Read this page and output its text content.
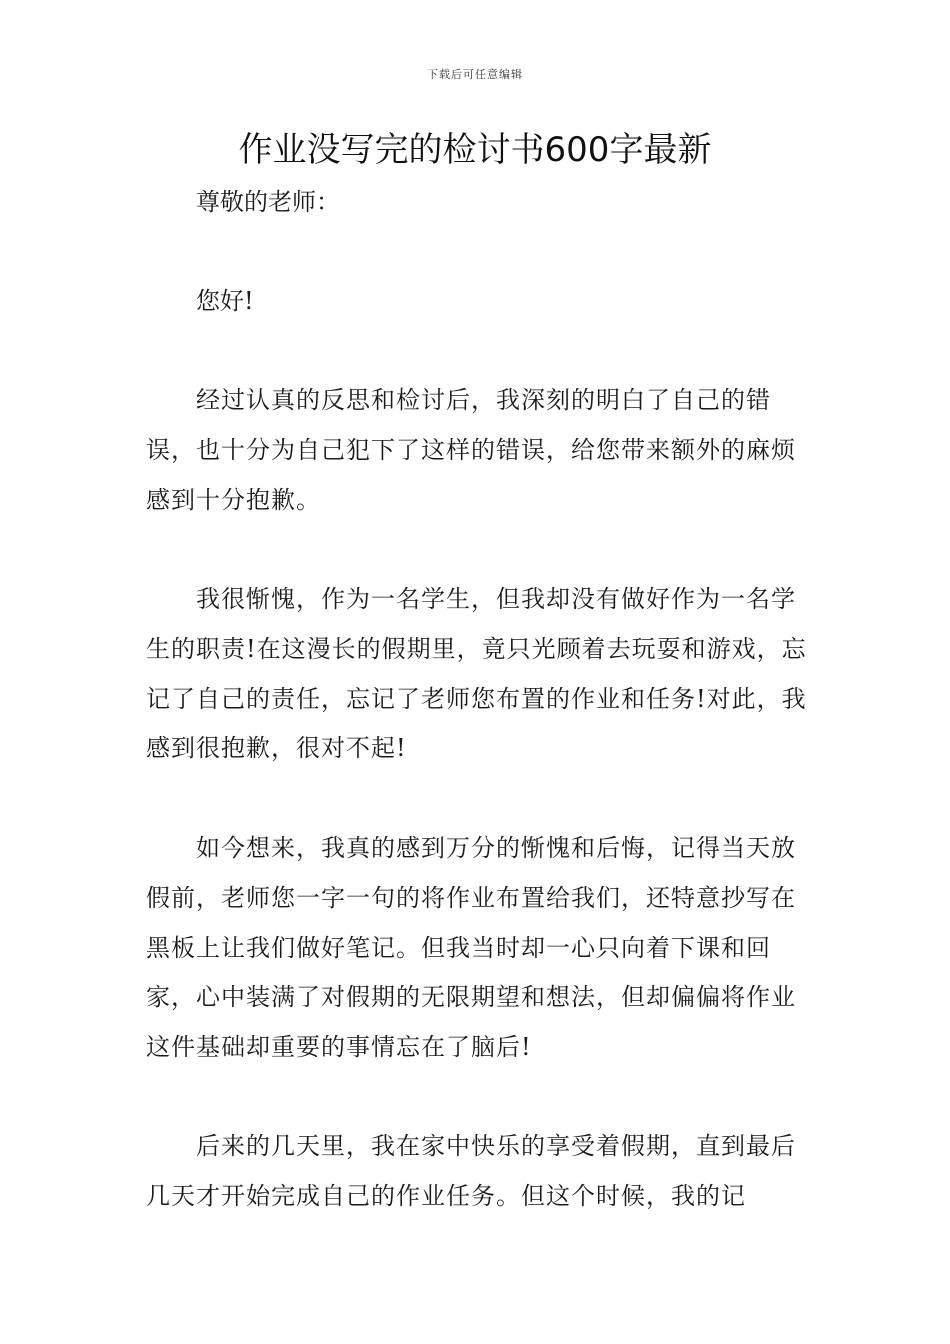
下载后可任意编辑
作业没写完的检讨书600字最新
尊敬的老师：
您好!

经过认真的反思和检讨后，我深刻的明白了自己的错误，也十分为自己犯下了这样的错误，给您带来额外的麻烦感到十分抱歉。

我很惭愧，作为一名学生，但我却没有做好作为一名学生的职责!在这漫长的假期里，竟只光顾着去玩耍和游戏，忘记了自己的责任，忘记了老师您布置的作业和任务!对此，我感到很抱歉，很对不起!

如今想来，我真的感到万分的惭愧和后悔，记得当天放假前，老师您一字一句的将作业布置给我们，还特意抄写在黑板上让我们做好笔记。但我当时却一心只向着下课和回家，心中装满了对假期的无限期望和想法，但却偏偏将作业这件基础却重要的事情忘在了脑后!

后来的几天里，我在家中快乐的享受着假期，直到最后几天才开始完成自己的作业任务。但这个时候，我的记
